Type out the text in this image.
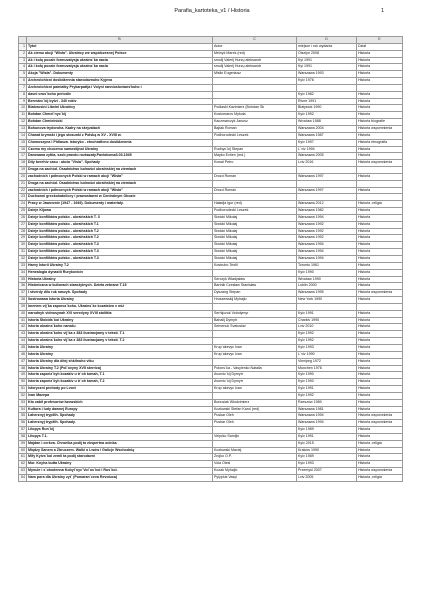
Parafia_kartoteka_v1 / Historia	1
	B	C	D	E
1	Tytuł	Autor	miejsce i rok wydania	Dział
2	Ak ciemu akcji "Wisła". Ukraińcy we współczesnej Polsce	Melnyk Marek (red)	Olsztyn 2008	Historia
3	Ak i kołų pocale formuvatysja ukrains`ka nacia	smolij Valerij Hurzų aleksandr	Kyi 1991	Historia
4	Ak i kołų pocale formuvatysja ukrains`ka nacia	smolij Valerij Hurzų aleksandr	Kyi 1991	Historia
5	Akcja "Wisła". Dokumenty	Misiło Eugeniusz	Warszawa 1993	Historia
6	Archeolohicni doslidžennia starodavnoho Kyjeva		Kyiv 1976	Historia
7	Archeolohicni pamiatky Prykarpattja i Volyni ranniosloviansʹkoho i			
8	davni orus`koho periodiv		Kyiv 1982	Historia
9	Berestec`kij bytvi - 340 rokiv		Rivne 1991	Historia
10	Białorusini Litwini Ukraińcy	Podlaski Kazimierz (Bohdan Sk	Białystok 1990	Historia
11	Bohdan Chmel`nyc`kij	Kostomarov Mykola	Kyiv 1992	Historia
12	Bohdan Chmielnicki	Kaczmarczyk Janusz	Wrocław 1988	Historia biografie
13	Bohunova trydoroha. Kadry na skryzalach	Bajtak Roman	Warszawa 2004	Historia wspomnienia
14	Chanat krymski i jego stosunki z Polską w XV - XVIII w.	Podhorodecki Leszek	Warszawa 1987	Historia
15	Chomoszyna i Pidlasza. Istoryko - etnohraficno doslidzennia		Kyiv 1997	Historia etnografia
16	Czomu my chocemo samostijnoi Ukrainy	Rudnyc`kij Stepan	L`viv 1994	Historia
17	Darowana zyttia, szob pravdu rozkazaty.Pavlokoma3.03.1945	Mayko Evhen (red.)	Warszawa 2005	Historia
18	Dity berehiv casu : akcia "Visla". Spohady	Kowal Petro	Lviv 2016	Historia wspomnienia
19	Droga na zachód. Osadnictwo ludności ukraińskiej na ziemiach			
20	zachodnich i północnych Polski w ramach akcji "Wisła"	Drozd Roman	Warszawa 1997	Historia
21	Droga na zachód. Osadnictwo ludności ukraińskiej na ziemiach			
22	zachodnich i północnych Polski w ramach akcji "Wisła"	Drozd Roman	Warszawa 1997	Historia
23	Duchowni greckokatoliccy i prawosławni w Centralnym Obozie			
24	Pracy w Jaworznie (1947 - 1949). Dokumenty i materiały.	Haładja Igor (red)	Warszawa 2012	Historia ,religia
25	Dzieje Kijowa	Podhorodecki Leszek	Warszawa 1982	Historia
26	Dzieje konfliktów polsko - ukraińskich T. 3	Siwicki Mikołaj	Warszawa 1994	Historia
27	Dzieje konfliktów polsko - ukraińskich T.1	Siwicki Mikołaj	Warszawa 1992	Historia
28	Dzieje konfliktów polsko - ukraińskich T.2	Siwicki Mikołaj	Warszawa 1992	Historia
29	Dzieje konfliktów polsko - ukraińskich T.2	Siwicki Mikołaj	Warszawa 1992	Historia
30	Dzieje konfliktów polsko - ukraińskich T.3	Siwicki Mikołaj	Warszawa 1994	Historia
31	Dzieje konfliktów polsko - ukraińskich T.3	Siwicki Mikołaj	Warszawa 1994	Historia
32	Dzieje konfliktów polsko - ukraińskich T.3	Siwicki Mikołaj	Warszawa 1994	Historia
33	Harvy Istorii Ukrainy T.2	Kostrubo Teofil	Toronto 1961	Historia
34	Henealogia dynastii Rurykovicìv		Kyiv 1990	Historia
35	Historia Ukrainy	Serczyk Władysław	Wrocław 1990	Historia
36	Historiozna w kulturach starożytnych. Dzieła zebrane T.15	Bartnik Czesław Stanisław	Lublin 2000	Historia
37	I stverdy dilo ruk naszyh. Spohady	Dyszang Stepan	Warszawa 1995	Historia wspomnienia
38	Ilustrowana Istoria Ukrainy	Hruszewskij Myhajlo	New York 1990	Historia
39	Imenem vij`ka zaporoz`koho. Ukrains`ke kozatstvo v miż			
40	narodnyh vidnosynah XVI seredyny XVIII stolittia	Serhijczuk Volodymyr	Kyiv 1991	Historia
41	Istoria Słobids`koi Ukrainy	Bahalij Dymytr	Charkiv 1990	Historia
42	Istoria ukrains`koho narodu	Semenuk Svatoslav	Lviv 2010	Historia
43	Istoria ukrains`koho vij`ka z 383 ilustracjamy v teksti. T.1		Kyiv 1992	Historia
44	Istoria ukrains`koho vij`ka z 383 ilustracjamy v teksti. T.2		Kyiv 1992	Historia
45	Istoria Ukrainy	Krup`akevyc Ivan	Kyiv 1993	Historia
46	Istoria Ukrainy	Krup`akevyc Ivan	L`viv 1990	Historia
47	Istoria Ukrainy dla ditej shkilnoho viku		Vinnipeg 1972	Historia
48	Istoria Ukrainy T.2 (Pol`ovyny XVII sterrica)	Polons`ka - Vasylenko Natalia	Munchen 1976	Historia
49	Istoria zaporiz`kyh kozakiv u tr`oh tomah, T.1	Avornic`kij Dymytr	Kyiv 1990	Historia
50	Istoria zaporiz`kyh kozakiv u tr`oh tomah, T.2	Avornic`kij Dymytr	Kyiv 1990	Historia
51	Istoryczni prohody po Lvovi	Krup`akevyc Ivan	Kyiv 1991	Historia
52	Ivan Mazepa		Kyiv 1992	Historia
53	Kto zabił profesorów lwowskich	Bonusiak Włodzimierz	Rzeszów 1989	Historia
54	Kultura i ludy dawnej Europy	Kozłowski Stefan Karol (red)	Warszawa 1981	Historia
55	Łaherznyj trypilih. Spohady	Puskar Oleh	Warszawa 1994	Historia wspomnienia
56	Łaherznyj trypilih. Spohady.	Puskar Oleh	Warszawa 1994	Historia wspomnienia
57	Litopys Run`kij		Kyiv 1989	Historia
58	Litopys T.1.	Velycko Samijlo	Kyiv 1991	Historia
59	Majdan i cerkva. Chronika podij ta ekspertna ocinka.		Kyiv 2015	Historia ,religia
60	Między Sanem a Zbruczem. Walki o Lwów i Galicje Wschodnią	Kozłowski Maciej	Kraków 1990	Historia
61	Mify Kyivs`koi zemli ta podij starodavni	Zrojko O.P.	Kyiv 1989	Historia
62	Mor. Knyha butta Ukrainy	Vola Olesi	Kyiv 1993	Historia
63	Mynule i s`ohodenna Kobyl`nyc`Vol`os`koi i Rus`koi.	Kozak Myhajlo	Przemyśl 2007	Historia wspomnienia
64	Nam pora dla Ukrainy zyt` (Pomaran`ceva Revoluca)	Pylypiuk Vasyl	Lviv 2005	Historia ,religia
